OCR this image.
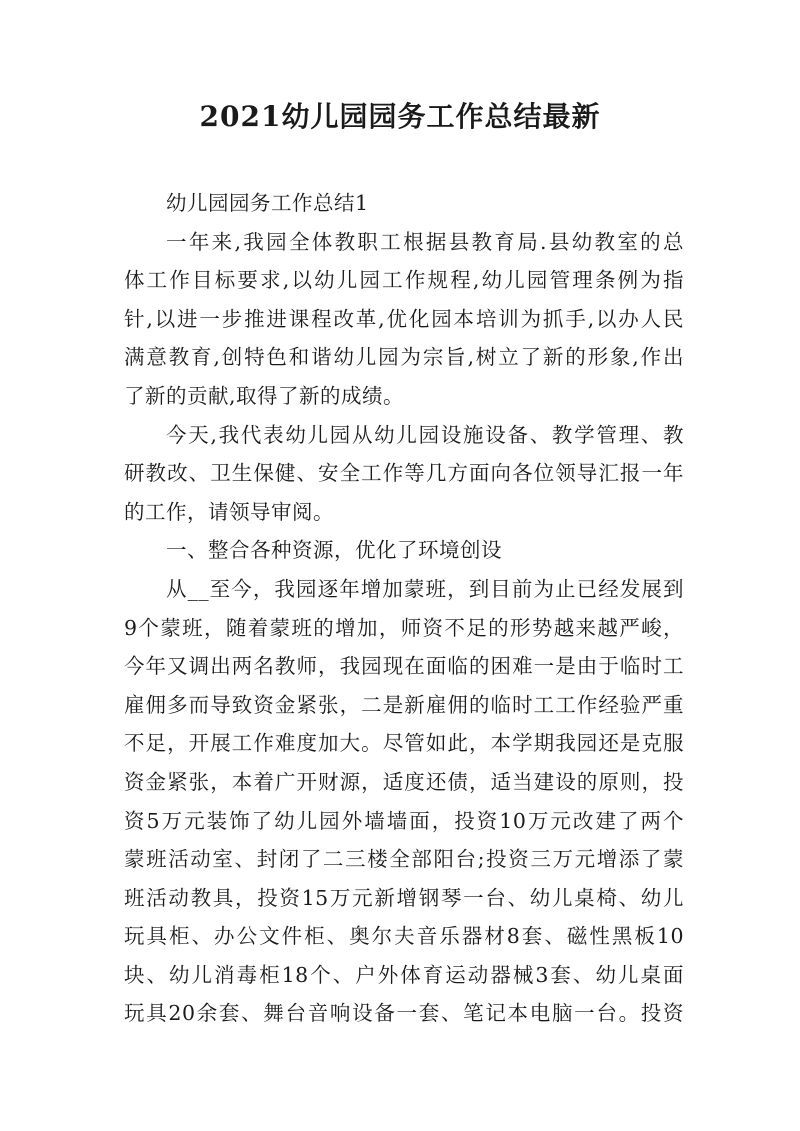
2021幼儿园园务工作总结最新
幼儿园园务工作总结1
一年来,我园全体教职工根据县教育局.县幼教室的总
体工作目标要求,以幼儿园工作规程,幼儿园管理条例为指
针,以进一步推进课程改革,优化园本培训为抓手,以办人民
满意教育,创特色和谐幼儿园为宗旨,树立了新的形象,作出
了新的贡献,取得了新的成绩。
今天,我代表幼儿园从幼儿园设施设备、教学管理、教
研教改、卫生保健、安全工作等几方面向各位领导汇报一年
的工作，请领导审阅。
一、整合各种资源，优化了环境创设
从__至今，我园逐年增加蒙班，到目前为止已经发展到
9个蒙班，随着蒙班的增加，师资不足的形势越来越严峻，
今年又调出两名教师，我园现在面临的困难一是由于临时工
雇佣多而导致资金紧张，二是新雇佣的临时工工作经验严重
不足，开展工作难度加大。尽管如此，本学期我园还是克服
资金紧张，本着广开财源，适度还债，适当建设的原则，投
资5万元装饰了幼儿园外墙墙面，投资10万元改建了两个
蒙班活动室、封闭了二三楼全部阳台;投资三万元增添了蒙
班活动教具，投资15万元新增钢琴一台、幼儿桌椅、幼儿
玩具柜、办公文件柜、奥尔夫音乐器材8套、磁性黑板10
块、幼儿消毒柜18个、户外体育运动器械3套、幼儿桌面
玩具20余套、舞台音响设备一套、笔记本电脑一台。投资
